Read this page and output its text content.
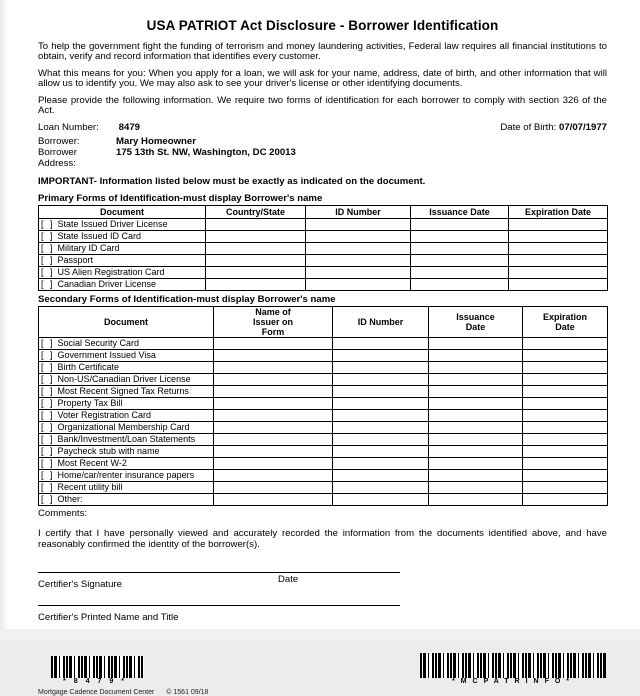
USA PATRIOT Act Disclosure - Borrower Identification

To help the government fight the funding of terrorism and money laundering activities, Federal law requires all financial institutions to obtain, verify and record information that identifies every customer.

What this means for you: When you apply for a loan, we will ask for your name, address, date of birth, and other information that will allow us to identify you. We may also ask to see your driver's license or other identifying documents.

Please provide the following information. We require two forms of identification for each borrower to comply with section 326 of the Act.

Loan Number: 8479	Date of Birth: 07/07/1977
Borrower:	Mary Homeowner
Borrower Address:
175 13th St. NW, Washington, DC 20013
IMPORTANT- Information listed below must be exactly as indicated on the document.
Primary Forms of Identification-must display Borrower's name
Document	Country/State	ID Number	Issuance Date	Expiration Date
[ ] State Issued Driver License				
[ ] State Issued ID Card				
[ ] Military ID Card				
[ ] Passport				
[ ] US Alien Registration Card				
[ ] Canadian Driver License				
Secondary Forms of Identification-must display Borrower's name
Document	Name of Issuer on Form	ID Number	Issuance Date	Expiration Date
[ ] Social Security Card				
[ ] Government Issued Visa				
[ ] Birth Certificate				
[ ] Non-US/Canadian Driver License				
[ ] Most Recent Signed Tax Returns				
[ ] Property Tax Bill				
[ ] Voter Registration Card				
[ ] Organizational Membership Card				
[ ] Bank/Investment/Loan Statements				
[ ] Paycheck stub with name				
[ ] Most Recent W-2				
[ ] Home/car/renter insurance papers				
[ ] Recent utility bill				
[ ] Other:				
Comments:

I certify that I have personally viewed and accurately recorded the information from the documents identified above, and have reasonably confirmed the identity of the borrower(s).

Certifier's Signature	Date
Certifier's Printed Name and Title
*8479*	*MCPATRINFO*
Mortgage Cadence Document Center © 1561 09/18
